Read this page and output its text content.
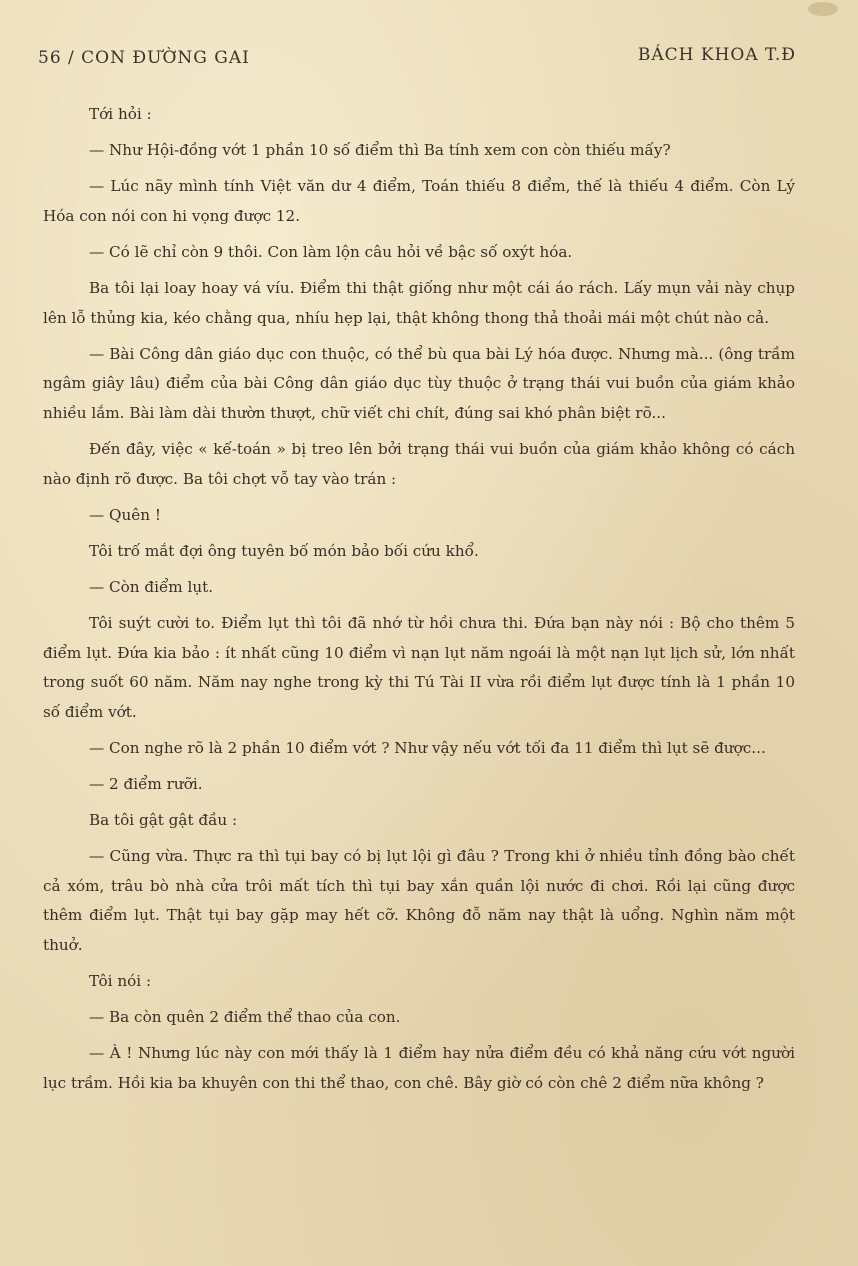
56 / CON ĐƯỜNG GAI	BÁCH KHOA T.Đ

Tới hỏi :

— Như Hội-đồng vớt 1 phần 10 số điểm thì Ba tính xem con còn thiếu mấy?

— Lúc nãy mình tính Việt văn dư 4 điểm, Toán thiếu 8 điểm, thế là thiếu 4 điểm. Còn Lý Hóa con nói con hi vọng được 12.

— Có lẽ chỉ còn 9 thôi. Con làm lộn câu hỏi về bậc số oxýt hóa.

Ba tôi lại loay hoay vá víu. Điểm thi thật giống như một cái áo rách. Lấy mụn vải này chụp lên lỗ thủng kia, kéo chằng qua, nhíu hẹp lại, thật không thong thả thoải mái một chút nào cả.

— Bài Công dân giáo dục con thuộc, có thể bù qua bài Lý hóa được. Nhưng mà... (ông trầm ngâm giây lâu) điểm của bài Công dân giáo dục tùy thuộc ở trạng thái vui buồn của giám khảo nhiều lắm. Bài làm dài thườn thượt, chữ viết chi chít, đúng sai khó phân biệt rõ...

Đến đây, việc « kế-toán » bị treo lên bởi trạng thái vui buồn của giám khảo không có cách nào định rõ được. Ba tôi chợt vỗ tay vào trán :

— Quên !

Tôi trố mắt đợi ông tuyên bố món bảo bối cứu khổ.

— Còn điểm lụt.

Tôi suýt cười to. Điểm lụt thì tôi đã nhớ từ hồi chưa thi. Đứa bạn này nói : Bộ cho thêm 5 điểm lụt. Đứa kia bảo : ít nhất cũng 10 điểm vì nạn lụt năm ngoái là một nạn lụt lịch sử, lớn nhất trong suốt 60 năm. Năm nay nghe trong kỳ thi Tú Tài II vừa rồi điểm lụt được tính là 1 phần 10 số điểm vớt.

— Con nghe rõ là 2 phần 10 điểm vớt ? Như vậy nếu vớt tối đa 11 điểm thì lụt sẽ được...

— 2 điểm rưỡi.

Ba tôi gật gật đầu :

— Cũng vừa. Thực ra thì tụi bay có bị lụt lội gì đâu ? Trong khi ở nhiều tỉnh đồng bào chết cả xóm, trâu bò nhà cửa trôi mất tích thì tụi bay xắn quần lội nước đi chơi. Rồi lại cũng được thêm điểm lụt. Thật tụi bay gặp may hết cỡ. Không đỗ năm nay thật là uổng. Nghìn năm một thuở.

Tôi nói :

— Ba còn quên 2 điểm thể thao của con.

— À ! Nhưng lúc này con mới thấy là 1 điểm hay nửa điểm đều có khả năng cứu vớt người lục trầm. Hồi kia ba khuyên con thi thể thao, con chê. Bây giờ có còn chê 2 điểm nữa không ?
